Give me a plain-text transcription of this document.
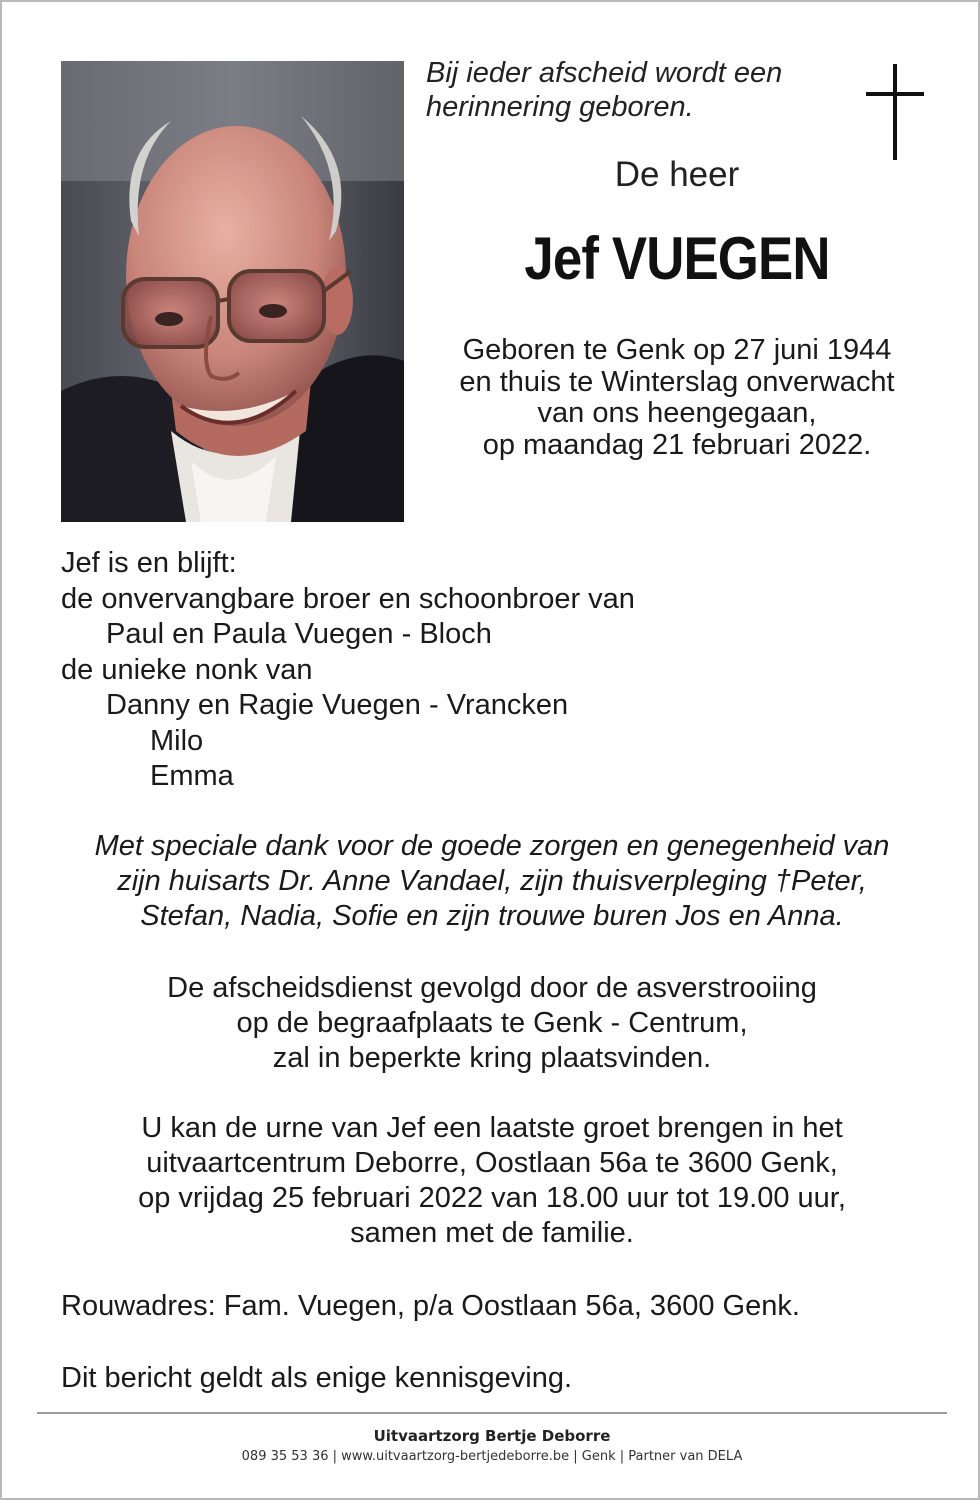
Bij ieder afscheid wordt een
herinnering geboren.
De heer
Jef VUEGEN
Geboren te Genk op 27 juni 1944
en thuis te Winterslag onverwacht
van ons heengegaan,
op maandag 21 februari 2022.
Jef is en blijft:
de onvervangbare broer en schoonbroer van
Paul en Paula Vuegen - Bloch
de unieke nonk van
Danny en Ragie Vuegen - Vrancken
Milo
Emma
Met speciale dank voor de goede zorgen en genegenheid van
zijn huisarts Dr. Anne Vandael, zijn thuisverpleging †Peter,
Stefan, Nadia, Sofie en zijn trouwe buren Jos en Anna.
De afscheidsdienst gevolgd door de asverstrooiing
op de begraafplaats te Genk - Centrum,
zal in beperkte kring plaatsvinden.
U kan de urne van Jef een laatste groet brengen in het
uitvaartcentrum Deborre, Oostlaan 56a te 3600 Genk,
op vrijdag 25 februari 2022 van 18.00 uur tot 19.00 uur,
samen met de familie.
Rouwadres: Fam. Vuegen, p/a Oostlaan 56a, 3600 Genk.
Dit bericht geldt als enige kennisgeving.
Uitvaartzorg Bertje Deborre
089 35 53 36 | www.uitvaartzorg-bertjedeborre.be | Genk | Partner van DELA
